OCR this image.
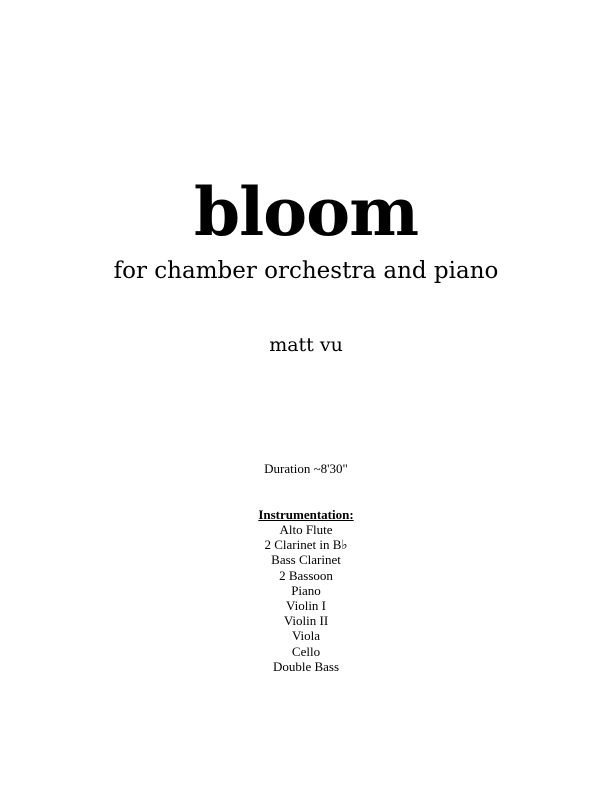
bloom
for chamber orchestra and piano
matt vu
Duration ~8'30"
Instrumentation:
Alto Flute
2 Clarinet in B♭
Bass Clarinet
2 Bassoon
Piano
Violin I
Violin II
Viola
Cello
Double Bass
